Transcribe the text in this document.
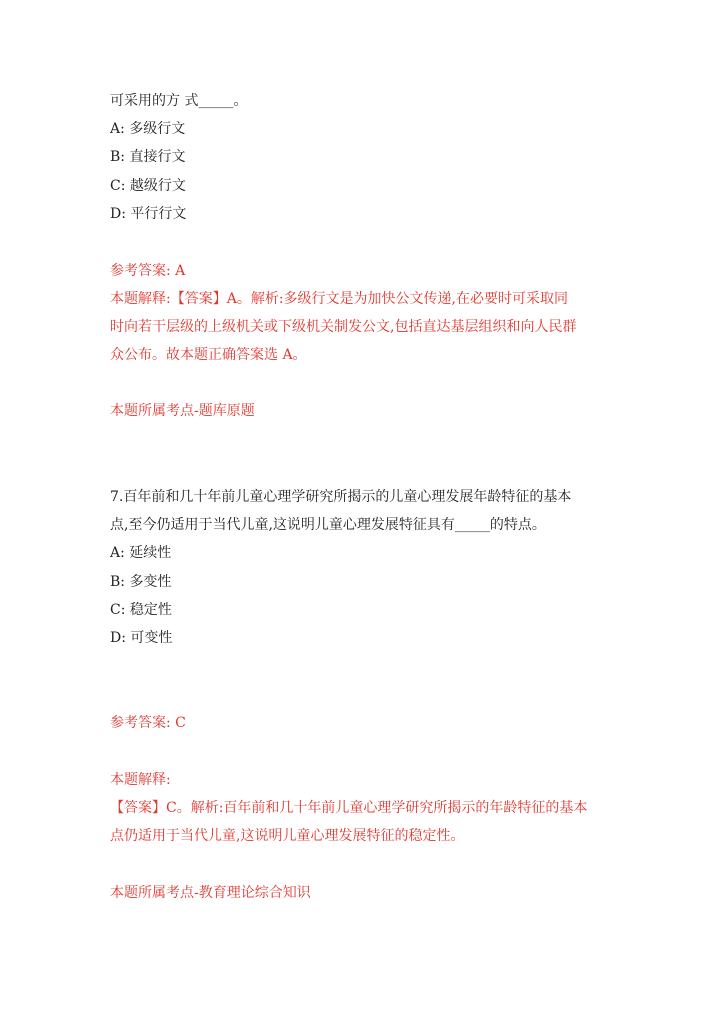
可采用的方 式_____。
A: 多级行文
B: 直接行文
C: 越级行文
D: 平行行文
参考答案: A
本题解释:【答案】A。解析:多级行文是为加快公文传递,在必要时可采取同
时向若干层级的上级机关或下级机关制发公文,包括直达基层组织和向人民群
众公布。故本题正确答案选 A。
本题所属考点-题库原题
7.百年前和几十年前儿童心理学研究所揭示的儿童心理发展年龄特征的基本
点,至今仍适用于当代儿童,这说明儿童心理发展特征具有_____的特点。
A: 延续性
B: 多变性
C: 稳定性
D: 可变性
参考答案: C
本题解释:
【答案】C。解析:百年前和几十年前儿童心理学研究所揭示的年龄特征的基本
点仍适用于当代儿童,这说明儿童心理发展特征的稳定性。
本题所属考点-教育理论综合知识
